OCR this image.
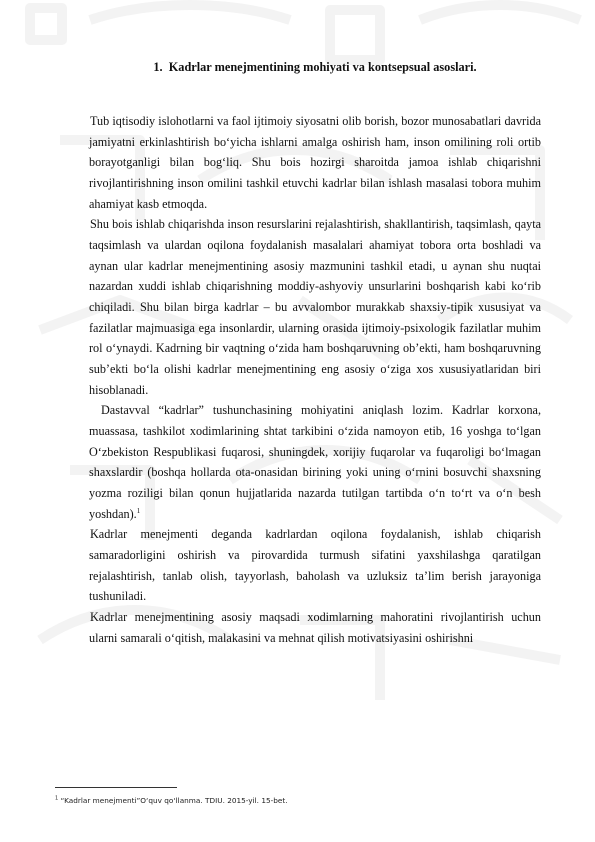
1. Kadrlar menejmentining mohiyati va kontsepsual asoslari.

Tub iqtisodiy islohotlarni va faol ijtimoiy siyosatni olib borish, bozor munosabatlari davrida jamiyatni erkinlashtirish bo‘yicha ishlarni amalga oshirish ham, inson omilining roli ortib borayotganligi bilan bog‘liq. Shu bois hozirgi sharoitda jamoa ishlab chiqarishni rivojlantirishning inson omilini tashkil etuvchi kadrlar bilan ishlash masalasi tobora muhim ahamiyat kasb etmoqda.

Shu bois ishlab chiqarishda inson resurslarini rejalashtirish, shakllantirish, taqsimlash, qayta taqsimlash va ulardan oqilona foydalanish masalalari ahamiyat tobora orta boshladi va aynan ular kadrlar menejmentining asosiy mazmunini tashkil etadi, u aynan shu nuqtai nazardan xuddi ishlab chiqarishning moddiy-ashyoviy unsurlarini boshqarish kabi ko‘rib chiqiladi. Shu bilan birga kadrlar – bu avvalombor murakkab shaxsiy-tipik xususiyat va fazilatlar majmuasiga ega insonlardir, ularning orasida ijtimoiy-psixologik fazilatlar muhim rol o‘ynaydi. Kadrning bir vaqtning o‘zida ham boshqaruvning ob’ekti, ham boshqaruvning sub’ekti bo‘la olishi kadrlar menejmentining eng asosiy o‘ziga xos xususiyatlaridan biri hisoblanadi.

Dastavval “kadrlar” tushunchasining mohiyatini aniqlash lozim. Kadrlar korxona, muassasa, tashkilot xodimlarining shtat tarkibini o‘zida namoyon etib, 16 yoshga to‘lgan O‘zbekiston Respublikasi fuqarosi, shuningdek, xorijiy fuqarolar va fuqaroligi bo‘lmagan shaxslardir (boshqa hollarda ota-onasidan birining yoki uning o‘rnini bosuvchi shaxsning yozma roziligi bilan qonun hujjatlarida nazarda tutilgan tartibda o‘n to‘rt va o‘n besh yoshdan).$^1$

Kadrlar menejmenti deganda kadrlardan oqilona foydalanish, ishlab chiqarish samaradorligini oshirish va pirovardida turmush sifatini yaxshilashga qaratilgan rejalashtirish, tanlab olish, tayyorlash, baholash va uzluksiz ta’lim berish jarayoniga tushuniladi.

Kadrlar menejmentining asosiy maqsadi xodimlarning mahoratini rivojlantirish uchun ularni samarali o‘qitish, malakasini va mehnat qilish motivatsiyasini oshirishni

$^1$ “Kadrlar menejmenti”O‘quv qo‘llanma. TDIU. 2015-yil. 15-bet.
